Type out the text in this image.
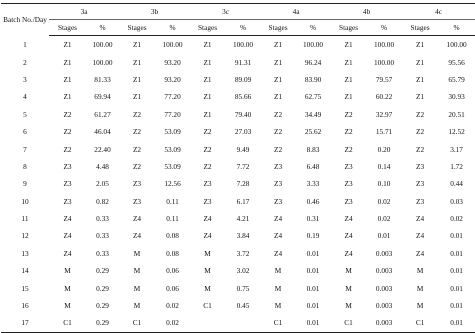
Batch No./Day	3a		3b		3c		4a		4b		4c	
	Stages	%	Stages	%	Stages	%	Stages	%	Stages	%	Stages	%
1	Z1	100.00	Z1	100.00	Z1	100.00	Z1	100.00	Z1	100.00	Z1	100.00
2	Z1	100.00	Z1	93.20	Z1	91.31	Z1	96.24	Z1	100.00	Z1	95.56
3	Z1	81.33	Z1	93.20	Z1	89.09	Z1	83.90	Z1	79.57	Z1	65.79
4	Z1	69.94	Z1	77.20	Z1	85.66	Z1	62.75	Z1	60.22	Z1	30.93
5	Z2	61.27	Z2	77.20	Z1	79.40	Z2	34.49	Z2	32.97	Z2	20.51
6	Z2	46.04	Z2	53.09	Z2	27.03	Z2	25.62	Z2	15.71	Z2	12.52
7	Z2	22.40	Z2	53.09	Z2	9.49	Z2	8.83	Z2	0.20	Z2	3.17
8	Z3	4.48	Z2	53.09	Z2	7.72	Z3	6.48	Z3	0.14	Z3	1.72
9	Z3	2.05	Z3	12.56	Z3	7.28	Z3	3.33	Z3	0.10	Z3	0.44
10	Z3	0.82	Z3	0.11	Z3	6.17	Z3	0.46	Z3	0.02	Z3	0.03
11	Z4	0.33	Z4	0.11	Z4	4.21	Z4	0.31	Z4	0.02	Z4	0.02
12	Z4	0.33	Z4	0.08	Z4	3.84	Z4	0.19	Z4	0.01	Z4	0.01
13	Z4	0.33	M	0.08	M	3.72	Z4	0.01	Z4	0.003	Z4	0.01
14	M	0.29	M	0.06	M	3.02	M	0.01	M	0.003	M	0.01
15	M	0.29	M	0.06	M	0.75	M	0.01	M	0.003	M	0.01
16	M	0.29	M	0.02	C1	0.45	M	0.01	M	0.003	M	0.01
17	C1	0.29	C1	0.02			C1	0.01	C1	0.003	C1	0.01
